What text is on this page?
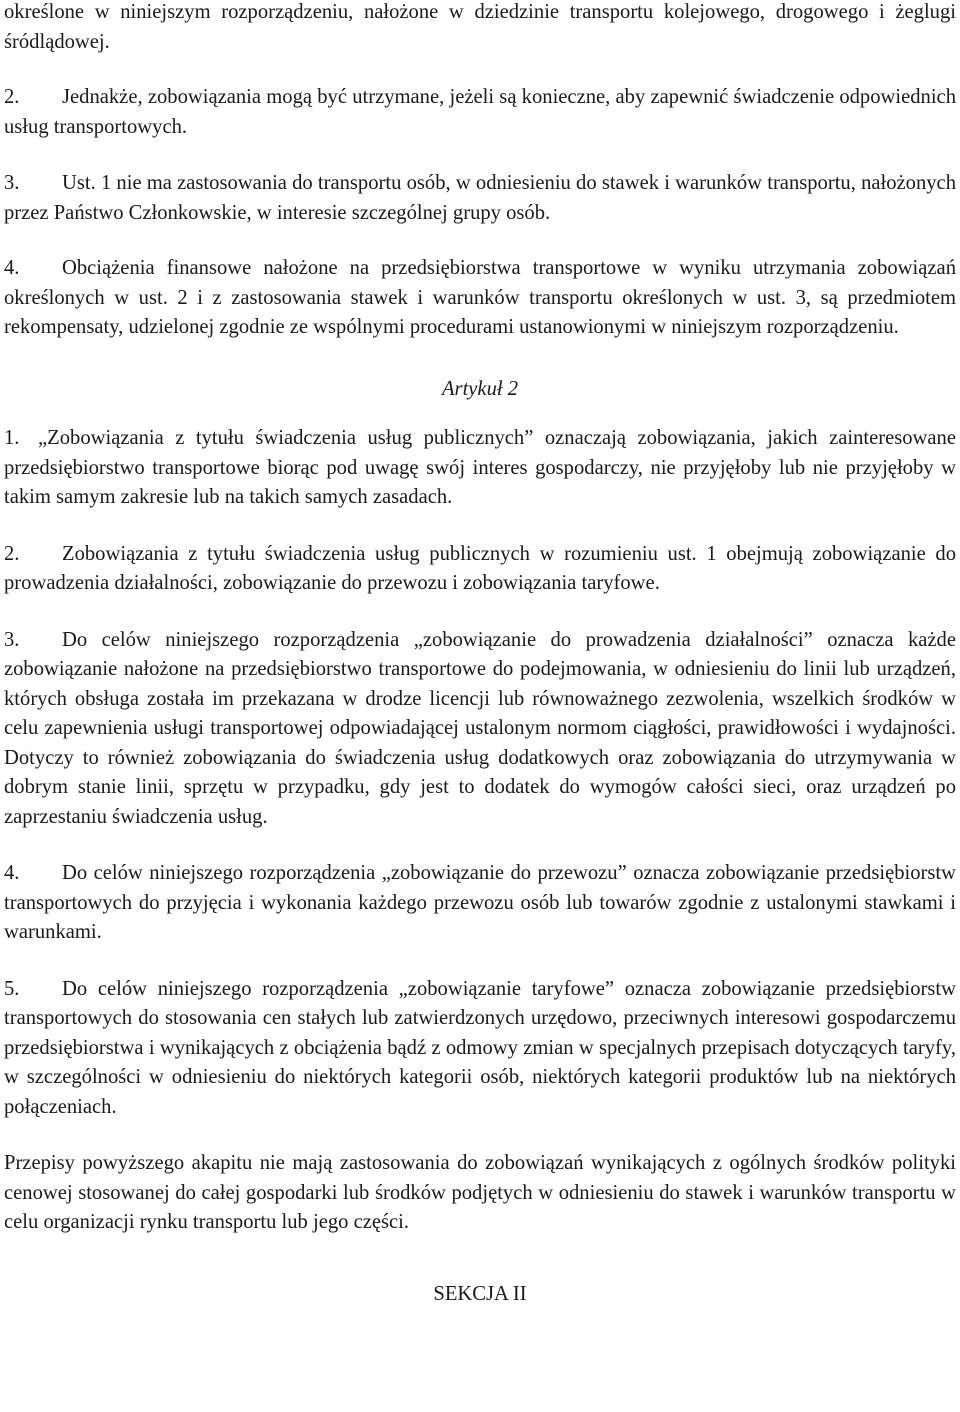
określone w niniejszym rozporządzeniu, nałożone w dziedzinie transportu kolejowego, drogowego i żeglugi śródlądowej.

2. Jednakże, zobowiązania mogą być utrzymane, jeżeli są konieczne, aby zapewnić świadczenie odpowiednich usług transportowych.

3. Ust. 1 nie ma zastosowania do transportu osób, w odniesieniu do stawek i warunków transportu, nałożonych przez Państwo Członkowskie, w interesie szczególnej grupy osób.

4. Obciążenia finansowe nałożone na przedsiębiorstwa transportowe w wyniku utrzymania zobowiązań określonych w ust. 2 i z zastosowania stawek i warunków transportu określonych w ust. 3, są przedmiotem rekompensaty, udzielonej zgodnie ze wspólnymi procedurami ustanowionymi w niniejszym rozporządzeniu.

Artykuł 2

1. „Zobowiązania z tytułu świadczenia usług publicznych” oznaczają zobowiązania, jakich zainteresowane przedsiębiorstwo transportowe biorąc pod uwagę swój interes gospodarczy, nie przyjęłoby lub nie przyjęłoby w takim samym zakresie lub na takich samych zasadach.

2. Zobowiązania z tytułu świadczenia usług publicznych w rozumieniu ust. 1 obejmują zobowiązanie do prowadzenia działalności, zobowiązanie do przewozu i zobowiązania taryfowe.

3. Do celów niniejszego rozporządzenia „zobowiązanie do prowadzenia działalności” oznacza każde zobowiązanie nałożone na przedsiębiorstwo transportowe do podejmowania, w odniesieniu do linii lub urządzeń, których obsługa została im przekazana w drodze licencji lub równoważnego zezwolenia, wszelkich środków w celu zapewnienia usługi transportowej odpowiadającej ustalonym normom ciągłości, prawidłowości i wydajności. Dotyczy to również zobowiązania do świadczenia usług dodatkowych oraz zobowiązania do utrzymywania w dobrym stanie linii, sprzętu w przypadku, gdy jest to dodatek do wymogów całości sieci, oraz urządzeń po zaprzestaniu świadczenia usług.

4. Do celów niniejszego rozporządzenia „zobowiązanie do przewozu” oznacza zobowiązanie przedsiębiorstw transportowych do przyjęcia i wykonania każdego przewozu osób lub towarów zgodnie z ustalonymi stawkami i warunkami.

5. Do celów niniejszego rozporządzenia „zobowiązanie taryfowe” oznacza zobowiązanie przedsiębiorstw transportowych do stosowania cen stałych lub zatwierdzonych urzędowo, przeciwnych interesowi gospodarczemu przedsiębiorstwa i wynikających z obciążenia bądź z odmowy zmian w specjalnych przepisach dotyczących taryfy, w szczególności w odniesieniu do niektórych kategorii osób, niektórych kategorii produktów lub na niektórych połączeniach.

Przepisy powyższego akapitu nie mają zastosowania do zobowiązań wynikających z ogólnych środków polityki cenowej stosowanej do całej gospodarki lub środków podjętych w odniesieniu do stawek i warunków transportu w celu organizacji rynku transportu lub jego części.

SEKCJA II
